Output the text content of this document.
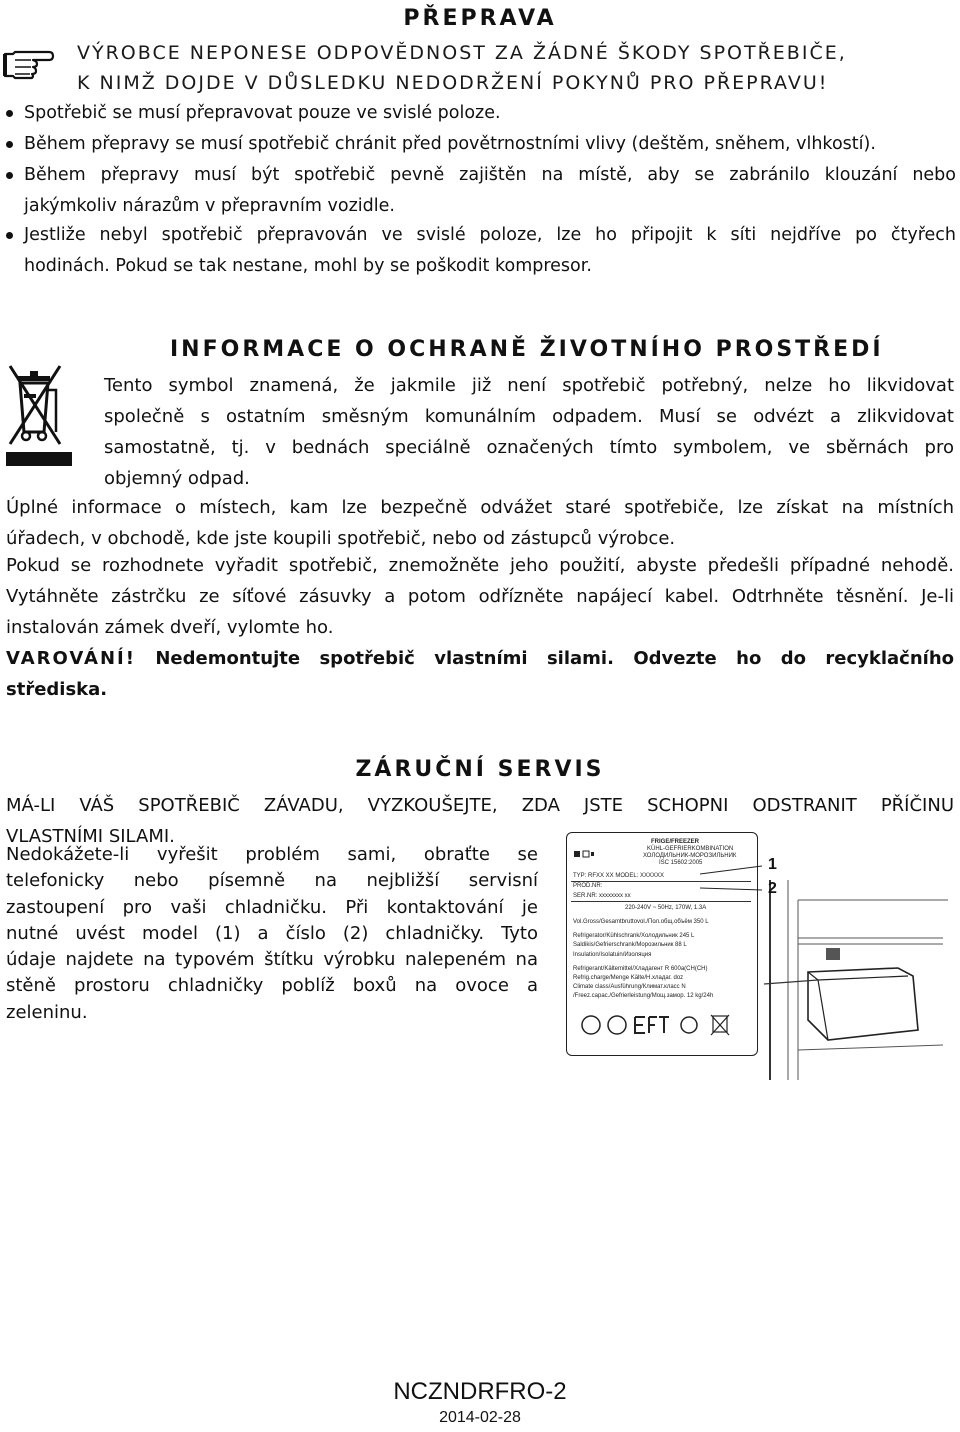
PŘEPRAVA
VÝROBCE NEPONESE ODPOVĚDNOST ZA ŽÁDNÉ ŠKODY SPOTŘEBIČE,
K NIMŽ DOJDE V DŮSLEDKU NEDODRŽENÍ POKYNŮ PRO PŘEPRAVU!
Spotřebič se musí přepravovat pouze ve svislé poloze.
Během přepravy se musí spotřebič chránit před povětrnostními vlivy (deštěm, sněhem, vlhkostí).
Během přepravy musí být spotřebič pevně zajištěn na místě, aby se zabránilo klouzání nebo
jakýmkoliv nárazům v přepravním vozidle.
Jestliže nebyl spotřebič přepravován ve svislé poloze, lze ho připojit k síti nejdříve po čtyřech
hodinách. Pokud se tak nestane, mohl by se poškodit kompresor.
INFORMACE O OCHRANĚ ŽIVOTNÍHO PROSTŘEDÍ
Tento symbol znamená, že jakmile již není spotřebič potřebný, nelze ho likvidovat
společně s ostatním směsným komunálním odpadem. Musí se odvézt a zlikvidovat
samostatně, tj. v bednách speciálně označených tímto symbolem, ve sběrnách pro
objemný odpad.
Úplné informace o místech, kam lze bezpečně odvážet staré spotřebiče, lze získat na místních
úřadech, v obchodě, kde jste koupili spotřebič, nebo od zástupců výrobce.
Pokud se rozhodnete vyřadit spotřebič, znemožněte jeho použití, abyste předešli případné nehodě.
Vytáhněte zástrčku ze síťové zásuvky a potom odřízněte napájecí kabel. Odtrhněte těsnění. Je-li
instalován zámek dveří, vylomte ho.
VAROVÁNÍ! Nedemontujte spotřebič vlastními silami. Odvezte ho do recyklačního
střediska.
ZÁRUČNÍ SERVIS
MÁ-LI VÁŠ SPOTŘEBIČ ZÁVADU, VYZKOUŠEJTE, ZDA JSTE SCHOPNI ODSTRANIT PŘÍČINU
VLASTNÍMI SILAMI.
Nedokážete-li vyřešit problém sami, obraťte se
telefonicky nebo písemně na nejbližší servisní
zastoupení pro vaši chladničku. Při kontaktování je
nutné uvést model (1) a číslo (2) chladničky. Tyto
údaje najdete na typovém štítku výrobku nalepeném na
stěně prostoru chladničky poblíž boxů na ovoce a
zeleninu.
FRIGE/FREEZER
KÜHL-GEFRIERKOMBINATION
ХОЛОДИЛЬНИК-МОРОЗИЛЬНИК
ISC 15602:2005
TYP: RFXX XX MODEL: XXXXXX
PROD.NR:
SER.NR: xxxxxxxx xx
220-240V ~ 50Hz, 170W, 1.3A
Vol.Gross/Gesamtbruttovol./Пол.общ.объём 350 L
Refrigerator/Kühlschrank/Холодильник 245 L
Saldikis/Gefrierschrank/Морозильник 88 L
Insulation/Isolatuin/Изоляция
Refrigerant/Kältemittel/Хладагент R 600a(CH(CH)
Refrig.charge/Menge Kälte/Н.хладаг. doz
Climate class/Ausführung/Климат.класс N
/Freez.capac./Gefrierleistung/Мощ.замор. 12 kg/24h
1
2
NCZNDRFRO-2
2014-02-28
